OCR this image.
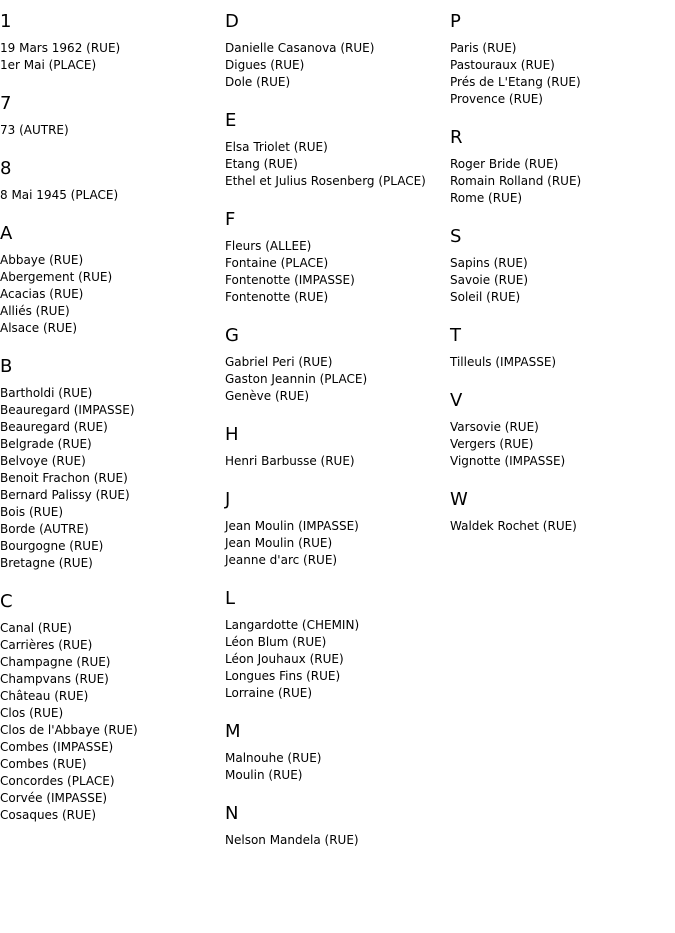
1
19 Mars 1962 (RUE)
1er Mai (PLACE)
7
73 (AUTRE)
8
8 Mai 1945 (PLACE)
A
Abbaye (RUE)
Abergement (RUE)
Acacias (RUE)
Alliés (RUE)
Alsace (RUE)
B
Bartholdi (RUE)
Beauregard (IMPASSE)
Beauregard (RUE)
Belgrade (RUE)
Belvoye (RUE)
Benoit Frachon (RUE)
Bernard Palissy (RUE)
Bois (RUE)
Borde (AUTRE)
Bourgogne (RUE)
Bretagne (RUE)
C
Canal (RUE)
Carrières (RUE)
Champagne (RUE)
Champvans (RUE)
Château (RUE)
Clos (RUE)
Clos de l'Abbaye (RUE)
Combes (IMPASSE)
Combes (RUE)
Concordes (PLACE)
Corvée (IMPASSE)
Cosaques (RUE)
D
Danielle Casanova (RUE)
Digues (RUE)
Dole (RUE)
E
Elsa Triolet (RUE)
Etang (RUE)
Ethel et Julius Rosenberg (PLACE)
F
Fleurs (ALLEE)
Fontaine (PLACE)
Fontenotte (IMPASSE)
Fontenotte (RUE)
G
Gabriel Peri (RUE)
Gaston Jeannin (PLACE)
Genève (RUE)
H
Henri Barbusse (RUE)
J
Jean Moulin (IMPASSE)
Jean Moulin (RUE)
Jeanne d'arc (RUE)
L
Langardotte (CHEMIN)
Léon Blum (RUE)
Léon Jouhaux (RUE)
Longues Fins (RUE)
Lorraine (RUE)
M
Malnouhe (RUE)
Moulin (RUE)
N
Nelson Mandela (RUE)
P
Paris (RUE)
Pastouraux (RUE)
Prés de L'Etang (RUE)
Provence (RUE)
R
Roger Bride (RUE)
Romain Rolland (RUE)
Rome (RUE)
S
Sapins (RUE)
Savoie (RUE)
Soleil (RUE)
T
Tilleuls (IMPASSE)
V
Varsovie (RUE)
Vergers (RUE)
Vignotte (IMPASSE)
W
Waldek Rochet (RUE)
